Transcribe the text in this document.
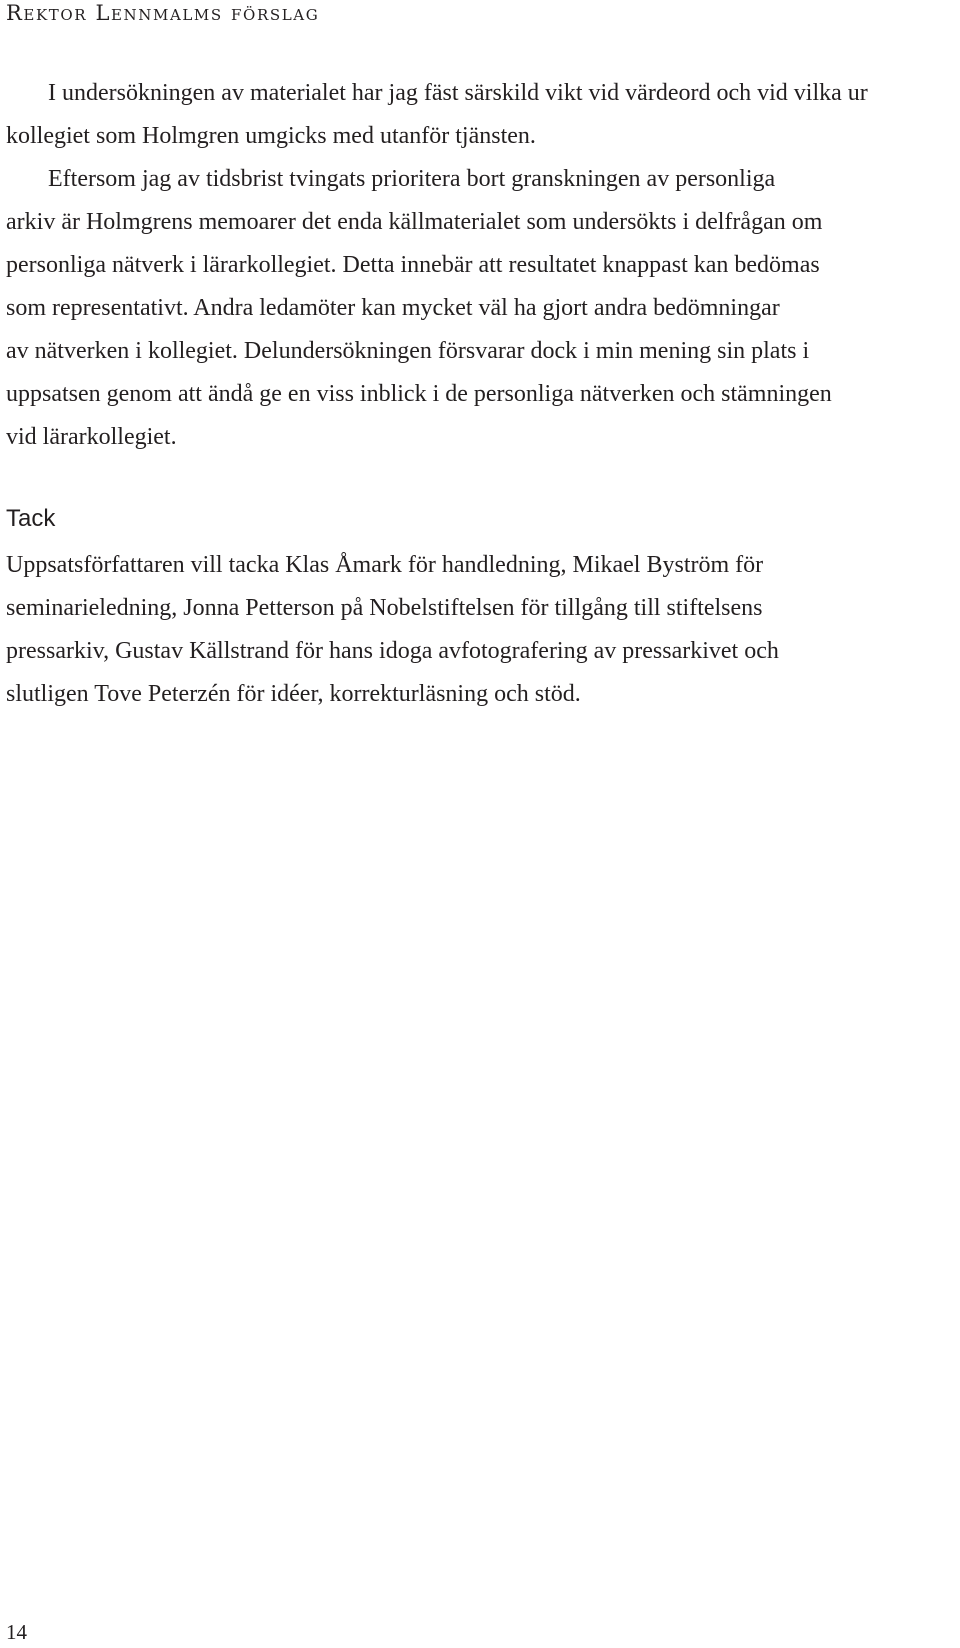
Rektor Lennmalms förslag

I undersökningen av materialet har jag fäst särskild vikt vid värdeord och vid vilka ur
kollegiet som Holmgren umgicks med utanför tjänsten.

Eftersom jag av tidsbrist tvingats prioritera bort granskningen av personliga
arkiv är Holmgrens memoarer det enda källmaterialet som undersökts i delfrågan om
personliga nätverk i lärarkollegiet. Detta innebär att resultatet knappast kan bedömas
som representativt. Andra ledamöter kan mycket väl ha gjort andra bedömningar
av nätverken i kollegiet. Delundersökningen försvarar dock i min mening sin plats i
uppsatsen genom att ändå ge en viss inblick i de personliga nätverken och stämningen
vid lärarkollegiet.

Tack

Uppsatsförfattaren vill tacka Klas Åmark för handledning, Mikael Byström för
seminarieledning, Jonna Petterson på Nobelstiftelsen för tillgång till stiftelsens
pressarkiv, Gustav Källstrand för hans idoga avfotografering av pressarkivet och
slutligen Tove Peterzén för idéer, korrekturläsning och stöd.

14
